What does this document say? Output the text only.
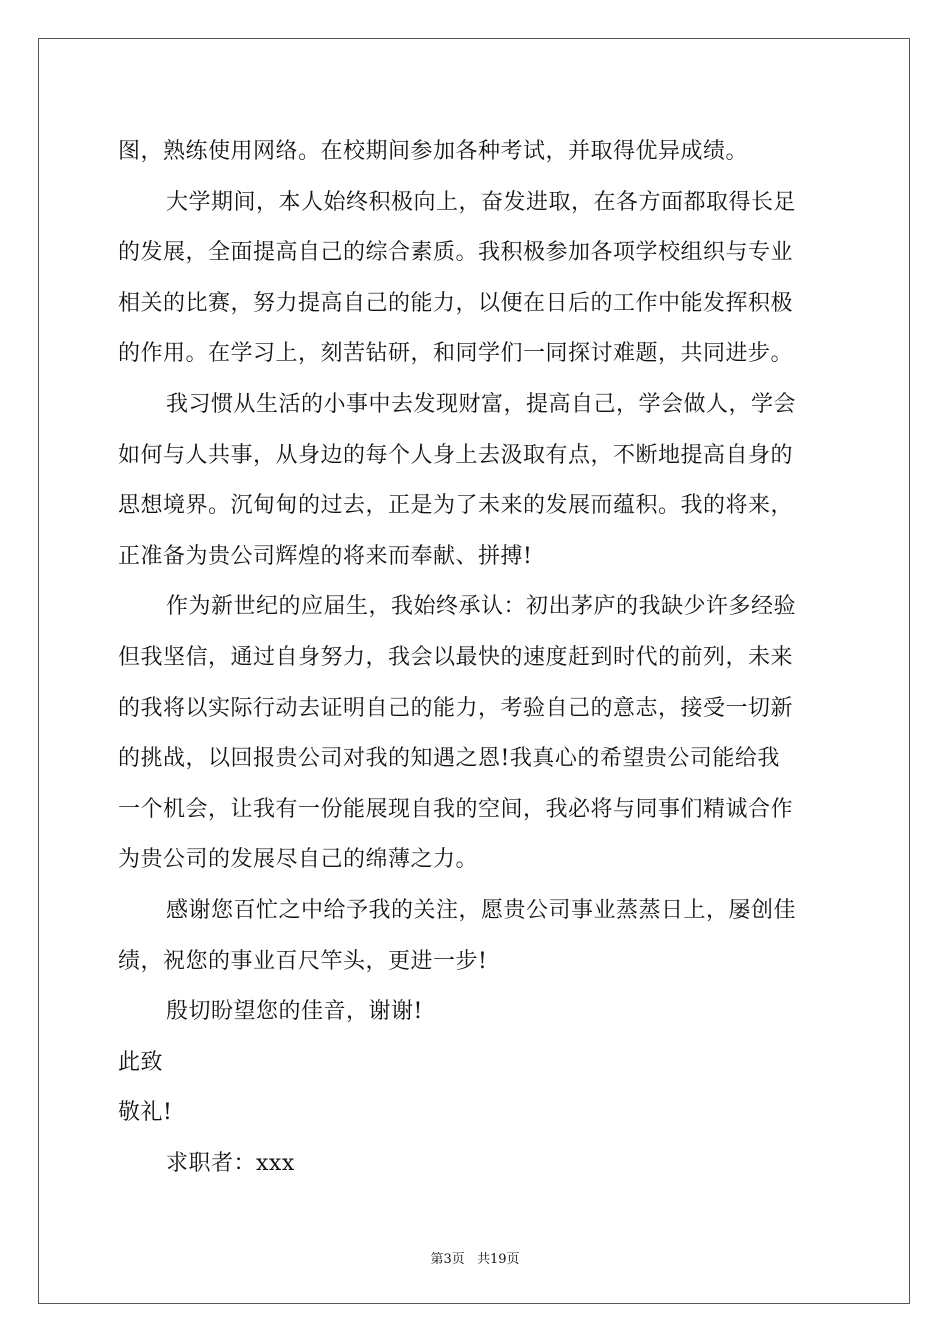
图，熟练使用网络。在校期间参加各种考试，并取得优异成绩。
大学期间，本人始终积极向上，奋发进取，在各方面都取得长足
的发展，全面提高自己的综合素质。我积极参加各项学校组织与专业
相关的比赛，努力提高自己的能力，以便在日后的工作中能发挥积极
的作用。在学习上，刻苦钻研，和同学们一同探讨难题，共同进步。
我习惯从生活的小事中去发现财富，提高自己，学会做人，学会
如何与人共事，从身边的每个人身上去汲取有点，不断地提高自身的
思想境界。沉甸甸的过去，正是为了未来的发展而蕴积。我的将来，
正准备为贵公司辉煌的将来而奉献、拼搏!
作为新世纪的应届生，我始终承认：初出茅庐的我缺少许多经验
但我坚信，通过自身努力，我会以最快的速度赶到时代的前列，未来
的我将以实际行动去证明自己的能力，考验自己的意志，接受一切新
的挑战，以回报贵公司对我的知遇之恩!我真心的希望贵公司能给我
一个机会，让我有一份能展现自我的空间，我必将与同事们精诚合作
为贵公司的发展尽自己的绵薄之力。
感谢您百忙之中给予我的关注，愿贵公司事业蒸蒸日上，屡创佳
绩，祝您的事业百尺竿头，更进一步!
殷切盼望您的佳音，谢谢!
此致
敬礼!
求职者：xxx
第3页 共19页
